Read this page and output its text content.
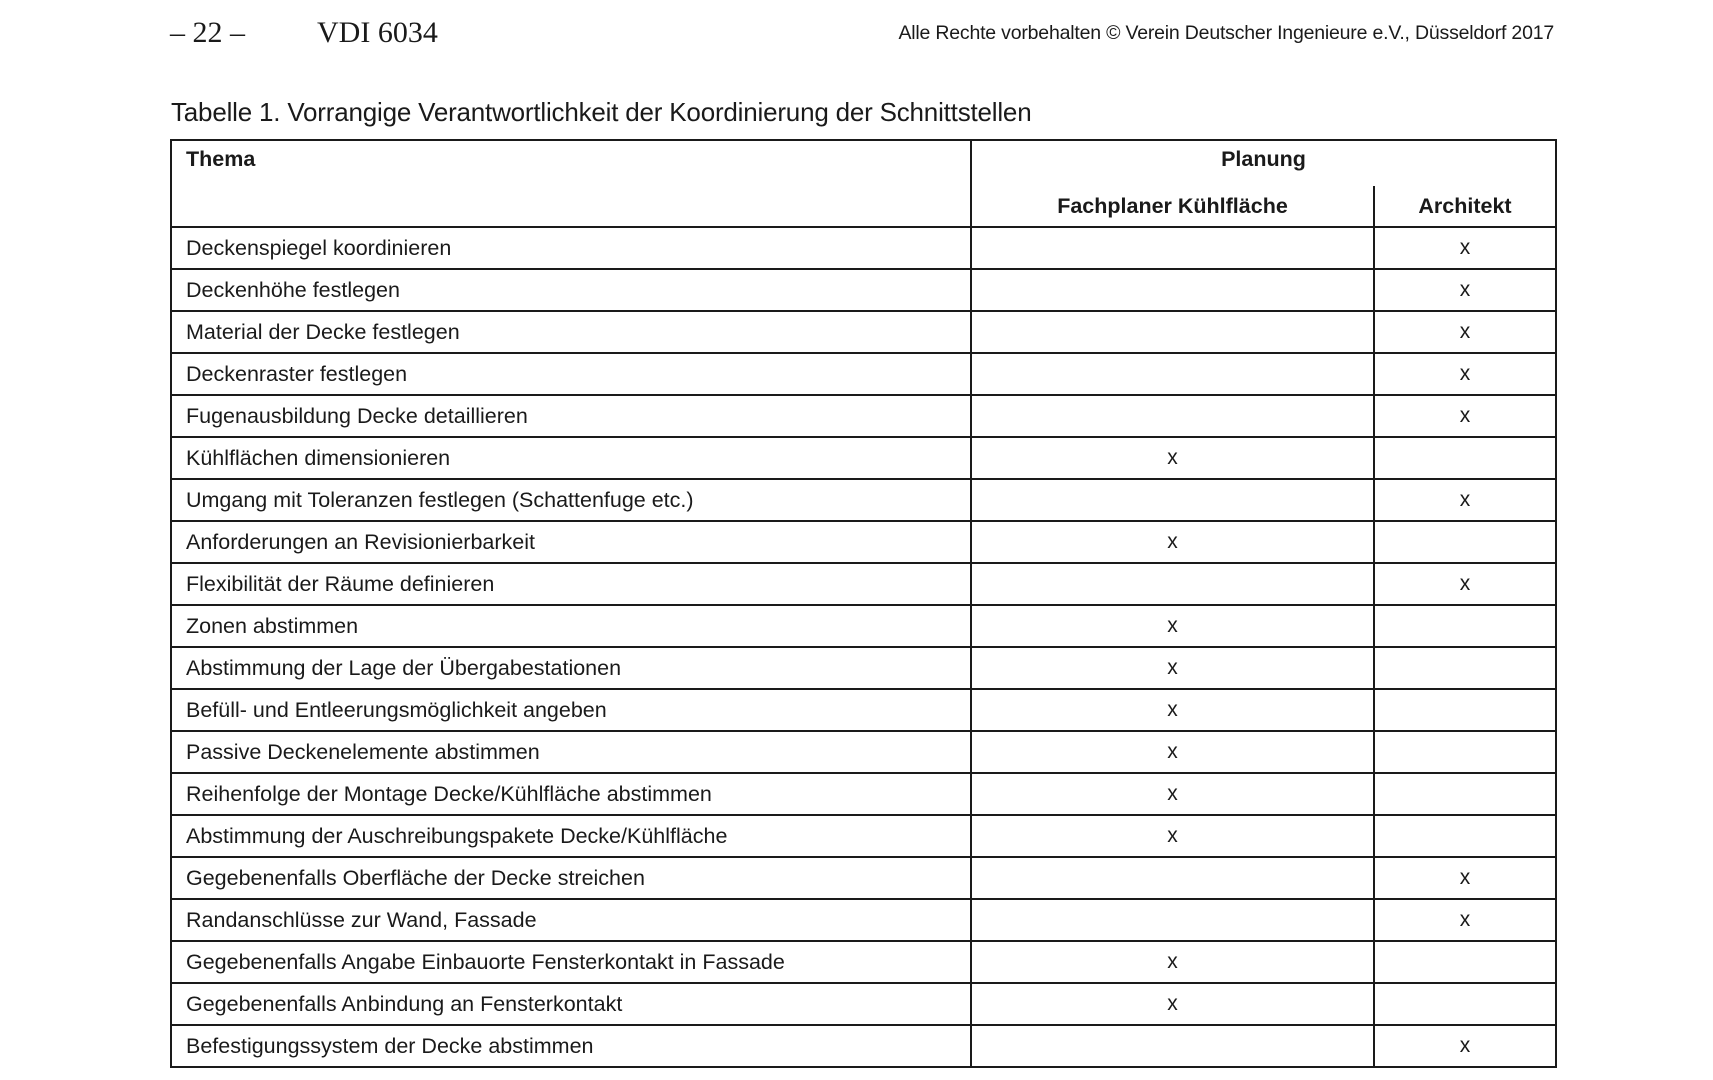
– 22 – VDI 6034	Alle Rechte vorbehalten © Verein Deutscher Ingenieure e.V., Düsseldorf 2017
Tabelle 1. Vorrangige Verantwortlichkeit der Koordinierung der Schnittstellen
Thema	Planung	
	Fachplaner Kühlfläche	Architekt
Deckenspiegel koordinieren		x
Deckenhöhe festlegen		x
Material der Decke festlegen		x
Deckenraster festlegen		x
Fugenausbildung Decke detaillieren		x
Kühlflächen dimensionieren	x	
Umgang mit Toleranzen festlegen (Schattenfuge etc.)		x
Anforderungen an Revisionierbarkeit	x	
Flexibilität der Räume definieren		x
Zonen abstimmen	x	
Abstimmung der Lage der Übergabestationen	x	
Befüll- und Entleerungsmöglichkeit angeben	x	
Passive Deckenelemente abstimmen	x	
Reihenfolge der Montage Decke/Kühlfläche abstimmen	x	
Abstimmung der Auschreibungspakete Decke/Kühlfläche	x	
Gegebenenfalls Oberfläche der Decke streichen		x
Randanschlüsse zur Wand, Fassade		x
Gegebenenfalls Angabe Einbauorte Fensterkontakt in Fassade	x	
Gegebenenfalls Anbindung an Fensterkontakt	x	
Befestigungssystem der Decke abstimmen		x
